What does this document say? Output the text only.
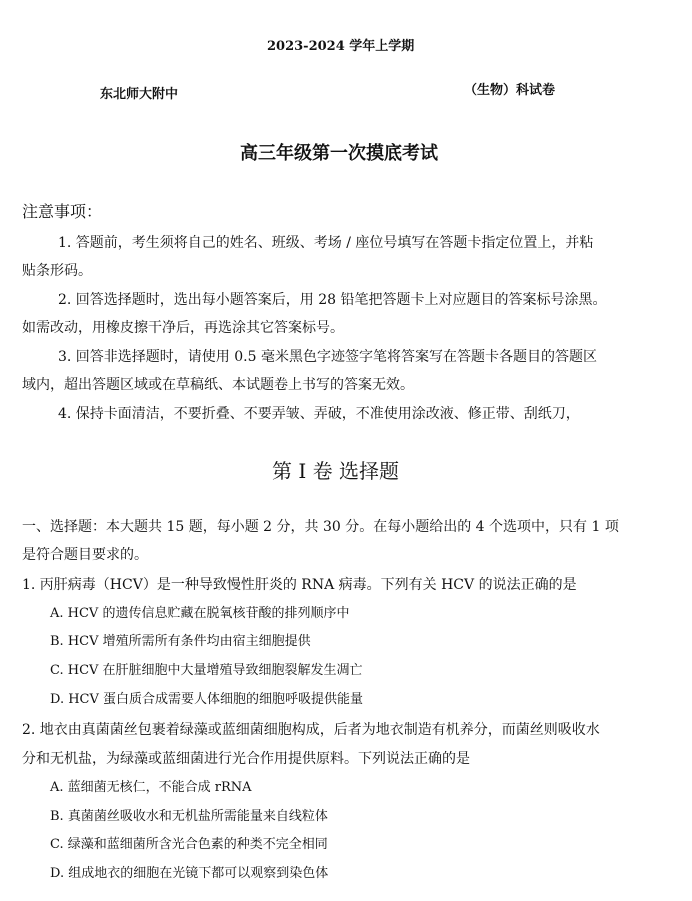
2023-2024 学年上学期
东北师大附中	（生物）科试卷
高三年级第一次摸底考试
注意事项：
1. 答题前，考生须将自己的姓名、班级、考场 / 座位号填写在答题卡指定位置上，并粘
贴条形码。
2. 回答选择题时，选出每小题答案后，用 28 铅笔把答题卡上对应题目的答案标号涂黑。
如需改动，用橡皮擦干净后，再选涂其它答案标号。
3. 回答非选择题时，请使用 0.5 毫米黑色字迹签字笔将答案写在答题卡各题目的答题区
域内，超出答题区域或在草稿纸、本试题卷上书写的答案无效。
4. 保持卡面清洁，不要折叠、不要弄皱、弄破，不准使用涂改液、修正带、刮纸刀，
第 I 卷 选择题
一、选择题：本大题共 15 题，每小题 2 分，共 30 分。在每小题给出的 4 个选项中，只有 1 项
是符合题目要求的。
1. 丙肝病毒（HCV）是一种导致慢性肝炎的 RNA 病毒。下列有关 HCV 的说法正确的是
A. HCV 的遗传信息贮藏在脱氧核苷酸的排列顺序中
B. HCV 增殖所需所有条件均由宿主细胞提供
C. HCV 在肝脏细胞中大量增殖导致细胞裂解发生凋亡
D. HCV 蛋白质合成需要人体细胞的细胞呼吸提供能量
2. 地衣由真菌菌丝包裹着绿藻或蓝细菌细胞构成，后者为地衣制造有机养分，而菌丝则吸收水
分和无机盐，为绿藻或蓝细菌进行光合作用提供原料。下列说法正确的是
A. 蓝细菌无核仁，不能合成 rRNA
B. 真菌菌丝吸收水和无机盐所需能量来自线粒体
C. 绿藻和蓝细菌所含光合色素的种类不完全相同
D. 组成地衣的细胞在光镜下都可以观察到染色体
